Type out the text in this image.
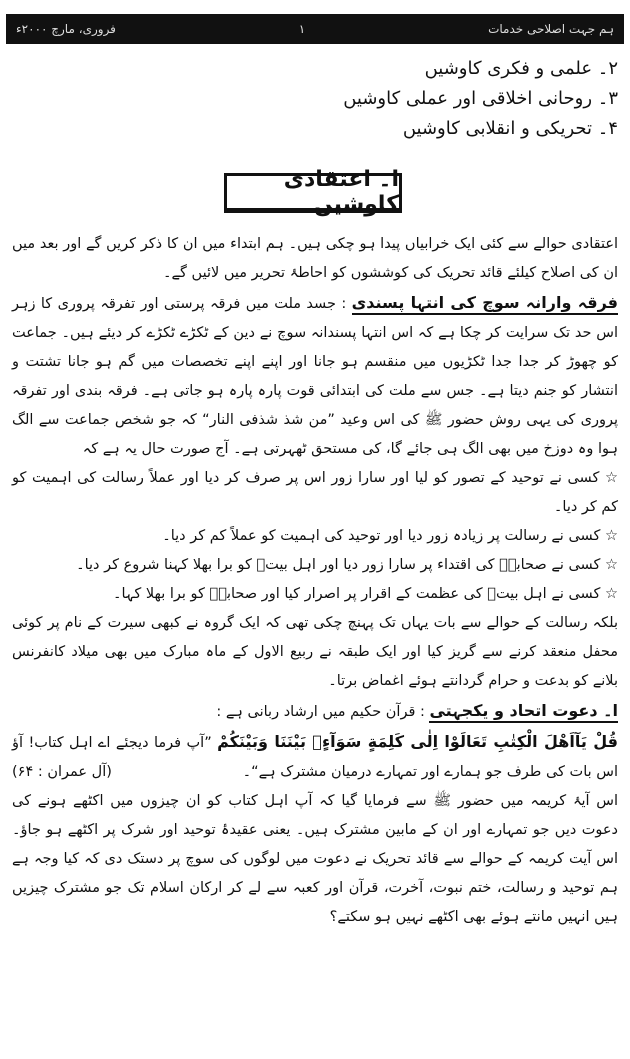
ہم جہت اصلاحی خدمات
۱
فروری، مارچ ۲۰۰۰ء
۲۔ علمی و فکری کاوشیں
۳۔ روحانی اخلاقی اور عملی کاوشیں
۴۔ تحریکی و انقلابی کاوشیں
ا۔ اعتقادی کاوشیں

اعتقادی حوالے سے کئی ایک خرابیاں پیدا ہو چکی ہیں۔ ہم ابتداء میں ان کا ذکر کریں گے اور بعد میں ان کی اصلاح کیلئے قائد تحریک کی کوششوں کو احاطۂ تحریر میں لائیں گے۔

فرقہ وارانہ سوچ کی انتہا پسندی : جسد ملت میں فرقہ پرستی اور تفرقہ پروری کا زہر اس حد تک سرایت کر چکا ہے کہ اس انتہا پسندانہ سوچ نے دین کے ٹکڑے ٹکڑے کر دیئے ہیں۔ جماعت کو چھوڑ کر جدا جدا ٹکڑیوں میں منقسم ہو جانا اور اپنے اپنے تخصصات میں گم ہو جانا تشتت و انتشار کو جنم دیتا ہے۔ جس سے ملت کی ابتدائی قوت پارہ پارہ ہو جاتی ہے۔ فرقہ بندی اور تفرقہ پروری کی یہی روش حضور ﷺ کی اس وعید ”من شذ شذفی النار“ کہ جو شخص جماعت سے الگ ہوا وہ دوزخ میں بھی الگ ہی جائے گا، کی مستحق ٹھہرتی ہے۔ آج صورت حال یہ ہے کہ

☆ کسی نے توحید کے تصور کو لیا اور سارا زور اس پر صرف کر دیا اور عملاً رسالت کی اہمیت کو کم کر دیا۔

☆ کسی نے رسالت پر زیادہ زور دیا اور توحید کی اہمیت کو عملاً کم کر دیا۔

☆ کسی نے صحابہؓ کی اقتداء پر سارا زور دیا اور اہل بیتؑ کو برا بھلا کہنا شروع کر دیا۔

☆ کسی نے اہل بیتؑ کی عظمت کے اقرار پر اصرار کیا اور صحابہؓ کو برا بھلا کہا۔

بلکہ رسالت کے حوالے سے بات یہاں تک پہنچ چکی تھی کہ ایک گروہ نے کبھی سیرت کے نام پر کوئی محفل منعقد کرنے سے گریز کیا اور ایک طبقہ نے ربیع الاول کے ماہ مبارک میں بھی میلاد کانفرنس بلانے کو بدعت و حرام گردانتے ہوئے اغماض برتا۔

ا۔ دعوت اتحاد و یکجہتی : قرآن حکیم میں ارشاد ربانی ہے :

قُلْ يَآاَهْلَ الْكِتٰبِ تَعَالَوْا اِلٰى كَلِمَةٍ سَوَآءٍۢ بَيْنَنَا وَبَيْنَكُمْ ”آپ فرما دیجئے اے اہل کتاب! آؤ اس بات کی طرف جو ہمارے اور تمہارے درمیان مشترک ہے“۔
(آل عمران : ۶۴)

اس آیۂ کریمہ میں حضور ﷺ سے فرمایا گیا کہ آپ اہل کتاب کو ان چیزوں میں اکٹھے ہونے کی دعوت دیں جو تمہارے اور ان کے مابین مشترک ہیں۔ یعنی عقیدۂ توحید اور شرک پر اکٹھے ہو جاؤ۔ اس آیت کریمہ کے حوالے سے قائد تحریک نے دعوت میں لوگوں کی سوچ پر دستک دی کہ کیا وجہ ہے ہم توحید و رسالت، ختم نبوت، آخرت، قرآن اور کعبہ سے لے کر ارکان اسلام تک جو مشترک چیزیں ہیں انہیں مانتے ہوئے بھی اکٹھے نہیں ہو سکتے؟
